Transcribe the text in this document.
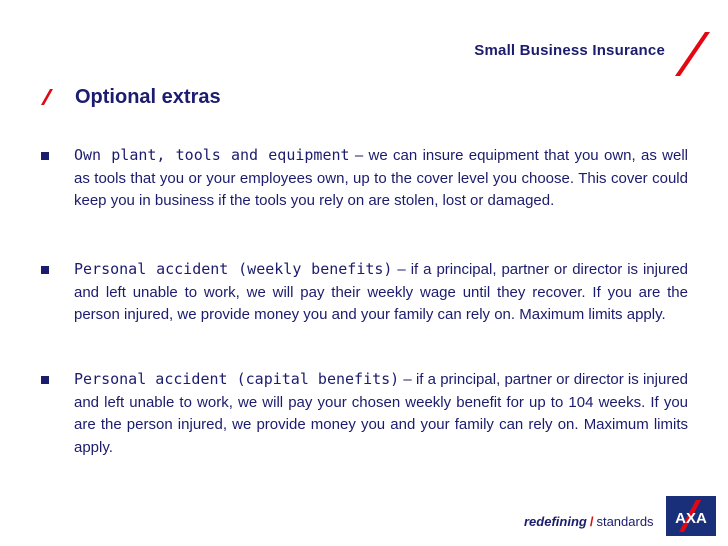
Small Business Insurance
Optional extras
Own plant, tools and equipment – we can insure equipment that you own, as well as tools that you or your employees own, up to the cover level you choose. This cover could keep you in business if the tools you rely on are stolen, lost or damaged.
Personal accident (weekly benefits) – if a principal, partner or director is injured and left unable to work, we will pay their weekly wage until they recover. If you are the person injured, we provide money you and your family can rely on. Maximum limits apply.
Personal accident (capital benefits) – if a principal, partner or director is injured and left unable to work, we will pay your chosen weekly benefit for up to 104 weeks. If you are the person injured, we provide money you and your family can rely on. Maximum limits apply.
redefining / standards AXA
